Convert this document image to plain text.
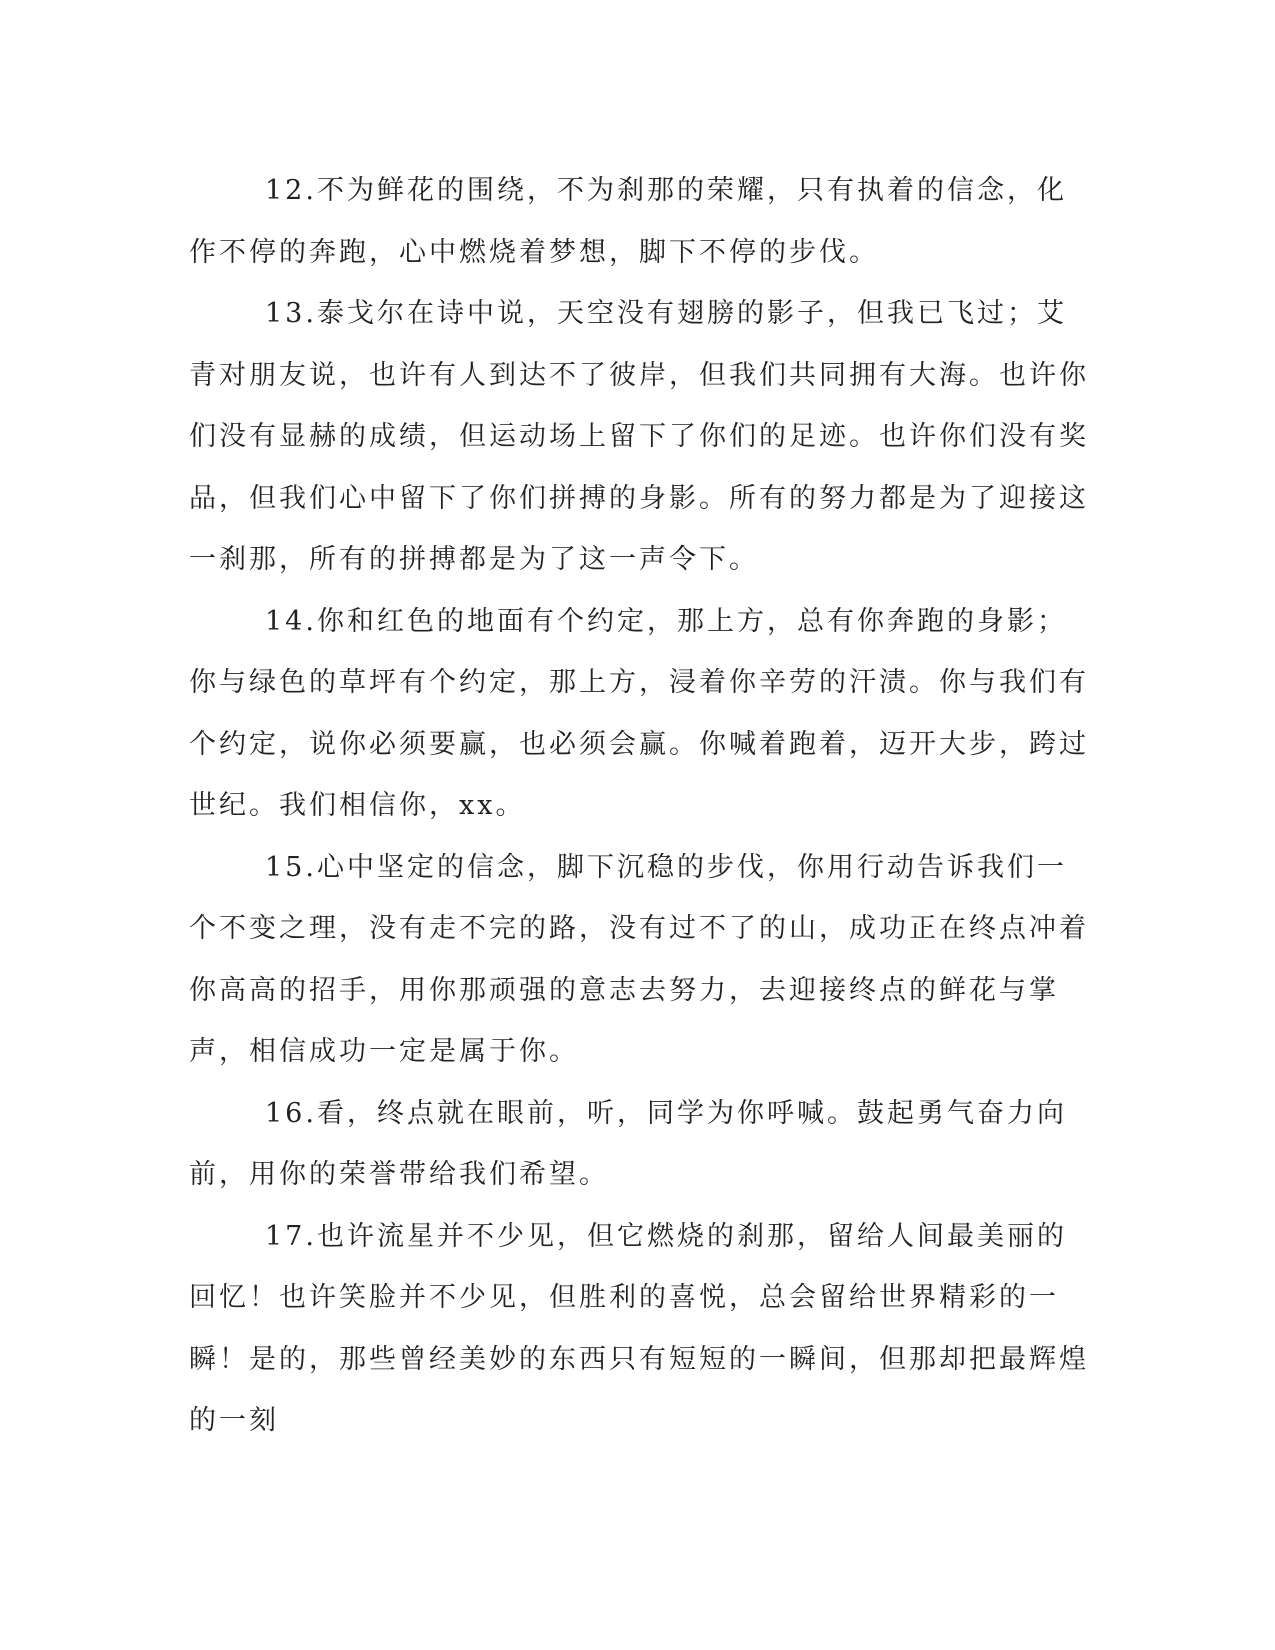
12.不为鲜花的围绕，不为刹那的荣耀，只有执着的信念，化作不停的奔跑，心中燃烧着梦想，脚下不停的步伐。

13.泰戈尔在诗中说，天空没有翅膀的影子，但我已飞过；艾青对朋友说，也许有人到达不了彼岸，但我们共同拥有大海。也许你们没有显赫的成绩，但运动场上留下了你们的足迹。也许你们没有奖品，但我们心中留下了你们拼搏的身影。所有的努力都是为了迎接这一刹那，所有的拼搏都是为了这一声令下。

14.你和红色的地面有个约定，那上方，总有你奔跑的身影；你与绿色的草坪有个约定，那上方，浸着你辛劳的汗渍。你与我们有个约定，说你必须要赢，也必须会赢。你喊着跑着，迈开大步，跨过世纪。我们相信你，xx。

15.心中坚定的信念，脚下沉稳的步伐，你用行动告诉我们一个不变之理，没有走不完的路，没有过不了的山，成功正在终点冲着你高高的招手，用你那顽强的意志去努力，去迎接终点的鲜花与掌声，相信成功一定是属于你。

16.看，终点就在眼前，听，同学为你呼喊。鼓起勇气奋力向前，用你的荣誉带给我们希望。

17.也许流星并不少见，但它燃烧的刹那，留给人间最美丽的回忆！也许笑脸并不少见，但胜利的喜悦，总会留给世界精彩的一瞬！是的，那些曾经美妙的东西只有短短的一瞬间，但那却把最辉煌的一刻
